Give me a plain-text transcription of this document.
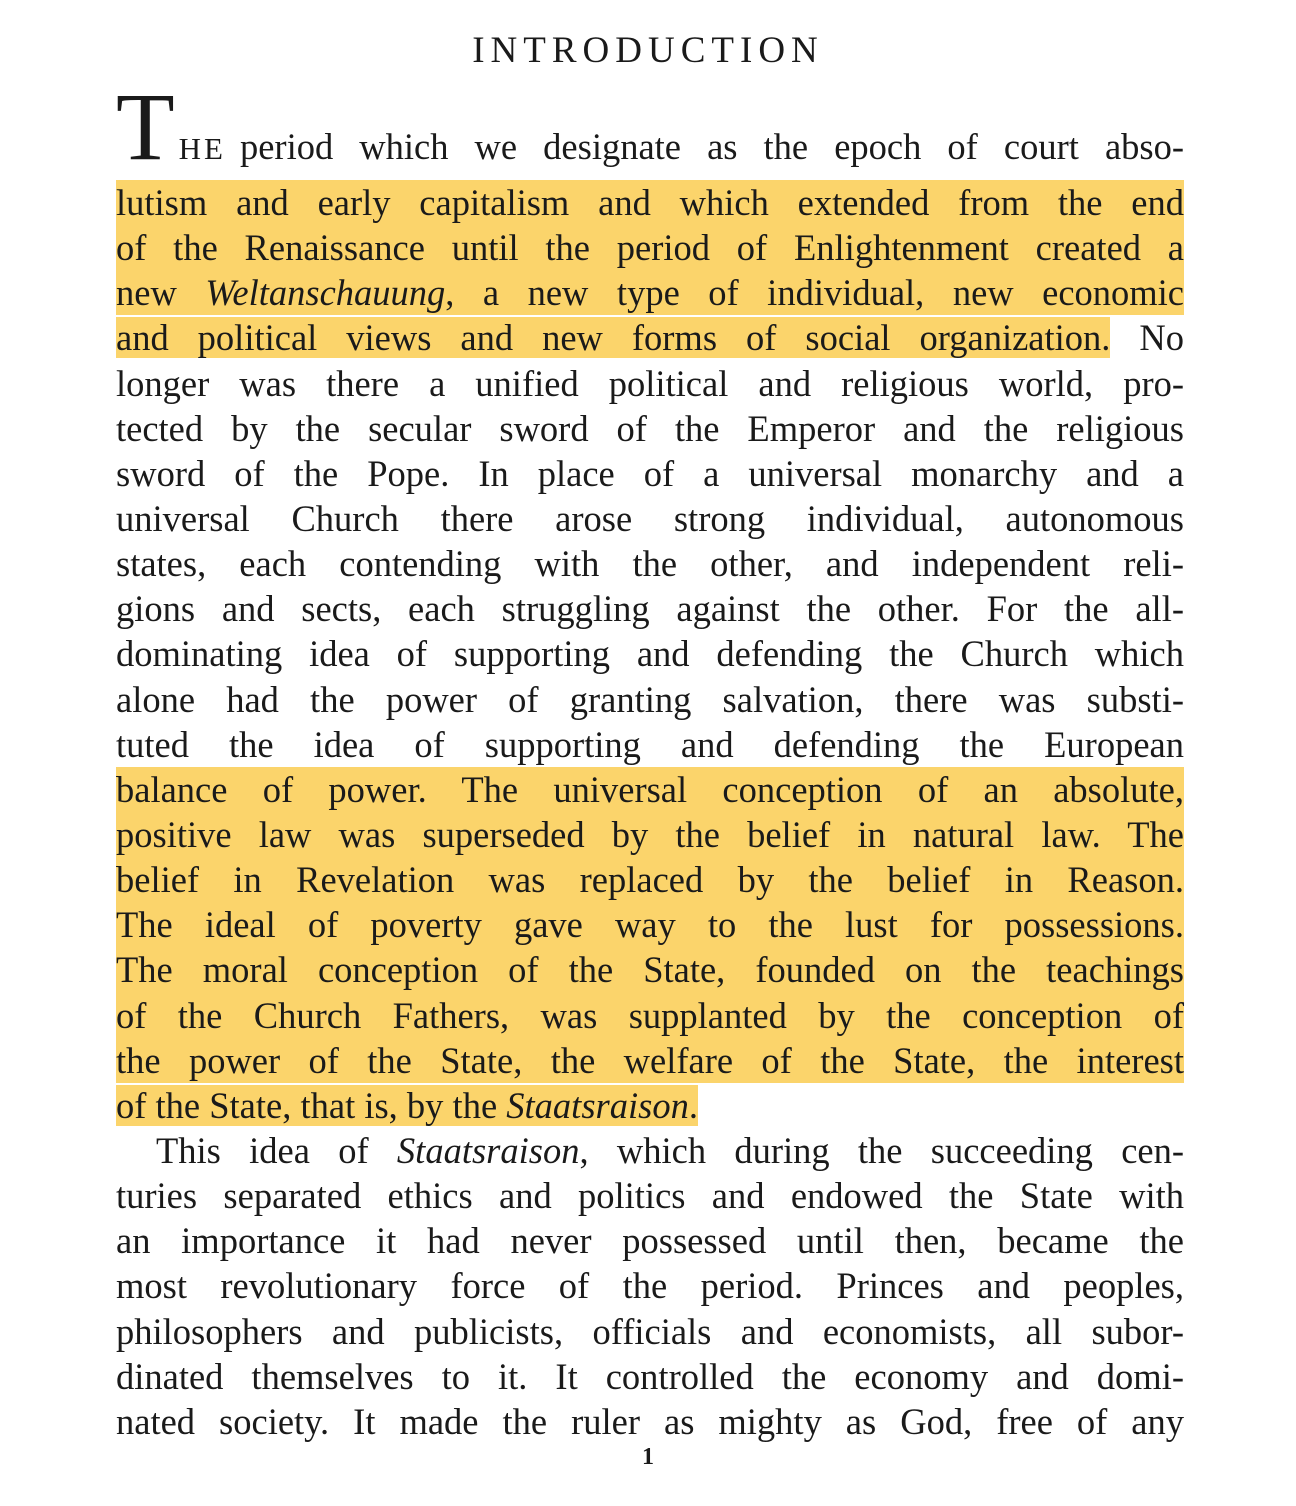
INTRODUCTION
THE period which we designate as the epoch of court abso-
lutism and early capitalism and which extended from the end
of the Renaissance until the period of Enlightenment created a
new Weltanschauung, a new type of individual, new economic
and political views and new forms of social organization. No
longer was there a unified political and religious world, pro-
tected by the secular sword of the Emperor and the religious
sword of the Pope. In place of a universal monarchy and a
universal Church there arose strong individual, autonomous
states, each contending with the other, and independent reli-
gions and sects, each struggling against the other. For the all-
dominating idea of supporting and defending the Church which
alone had the power of granting salvation, there was substi-
tuted the idea of supporting and defending the European
balance of power. The universal conception of an absolute,
positive law was superseded by the belief in natural law. The
belief in Revelation was replaced by the belief in Reason.
The ideal of poverty gave way to the lust for possessions.
The moral conception of the State, founded on the teachings
of the Church Fathers, was supplanted by the conception of
the power of the State, the welfare of the State, the interest
of the State, that is, by the Staatsraison.
This idea of Staatsraison, which during the succeeding cen-
turies separated ethics and politics and endowed the State with
an importance it had never possessed until then, became the
most revolutionary force of the period. Princes and peoples,
philosophers and publicists, officials and economists, all subor-
dinated themselves to it. It controlled the economy and domi-
nated society. It made the ruler as mighty as God, free of any
1
